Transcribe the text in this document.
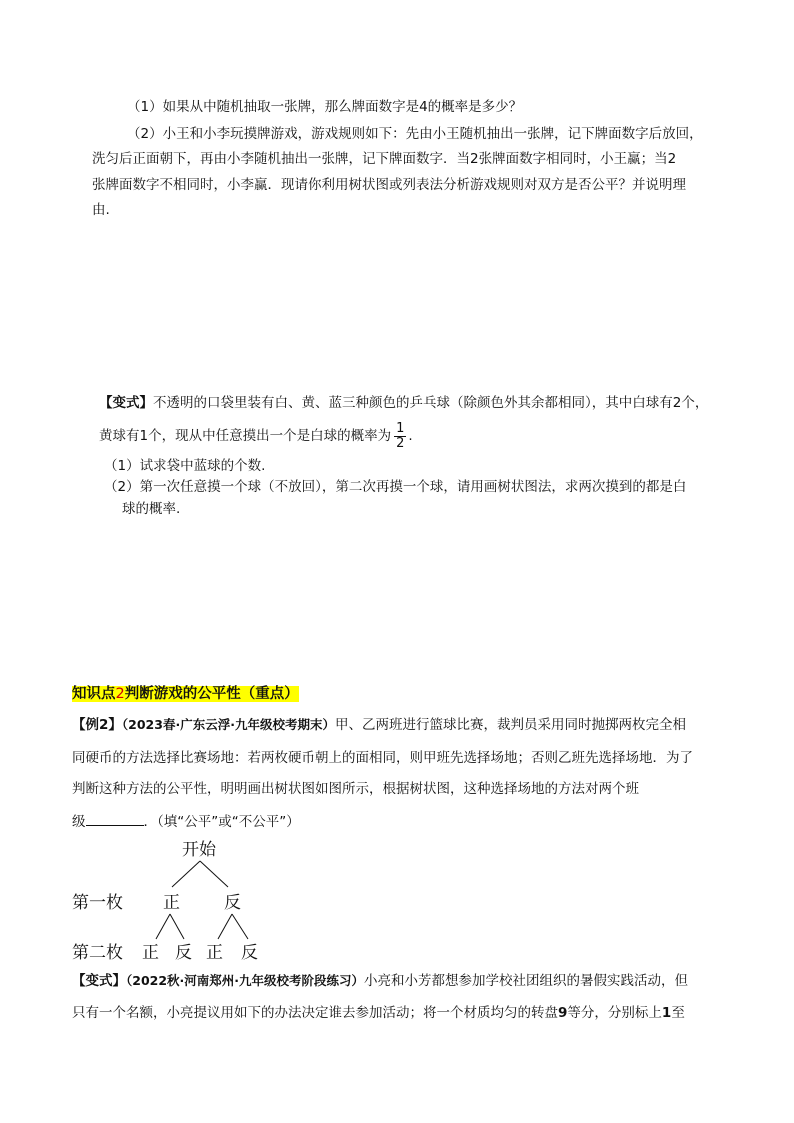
（1）如果从中随机抽取一张牌，那么牌面数字是4的概率是多少？
（2）小王和小李玩摸牌游戏，游戏规则如下：先由小王随机抽出一张牌，记下牌面数字后放回，
洗匀后正面朝下，再由小李随机抽出一张牌，记下牌面数字．当2张牌面数字相同时，小王赢；当2
张牌面数字不相同时，小李赢．现请你利用树状图或列表法分析游戏规则对双方是否公平？并说明理
由.
【变式】不透明的口袋里装有白、黄、蓝三种颜色的乒乓球（除颜色外其余都相同），其中白球有2个，
黄球有1个，现从中任意摸出一个是白球的概率为 $\frac{1}{2}$ .
（1）试求袋中蓝球的个数.
（2）第一次任意摸一个球（不放回），第二次再摸一个球，请用画树状图法，求两次摸到的都是白
球的概率.
知识点2判断游戏的公平性（重点）
【例2】（2023春·广东云浮·九年级校考期末）甲、乙两班进行篮球比赛，裁判员采用同时抛掷两枚完全相
同硬币的方法选择比赛场地：若两枚硬币朝上的面相同，则甲班先选择场地；否则乙班先选择场地．为了
判断这种方法的公平性，明明画出树状图如图所示，根据树状图，这种选择场地的方法对两个班
级	．（填“公平”或“不公平”）
开始
第一枚 正	反
第二枚 正 反 正 反
【变式】（2022秋·河南郑州·九年级校考阶段练习）小亮和小芳都想参加学校社团组织的暑假实践活动，但
只有一个名额，小亮提议用如下的办法决定谁去参加活动；将一个材质均匀的转盘9等分，分别标上1至
